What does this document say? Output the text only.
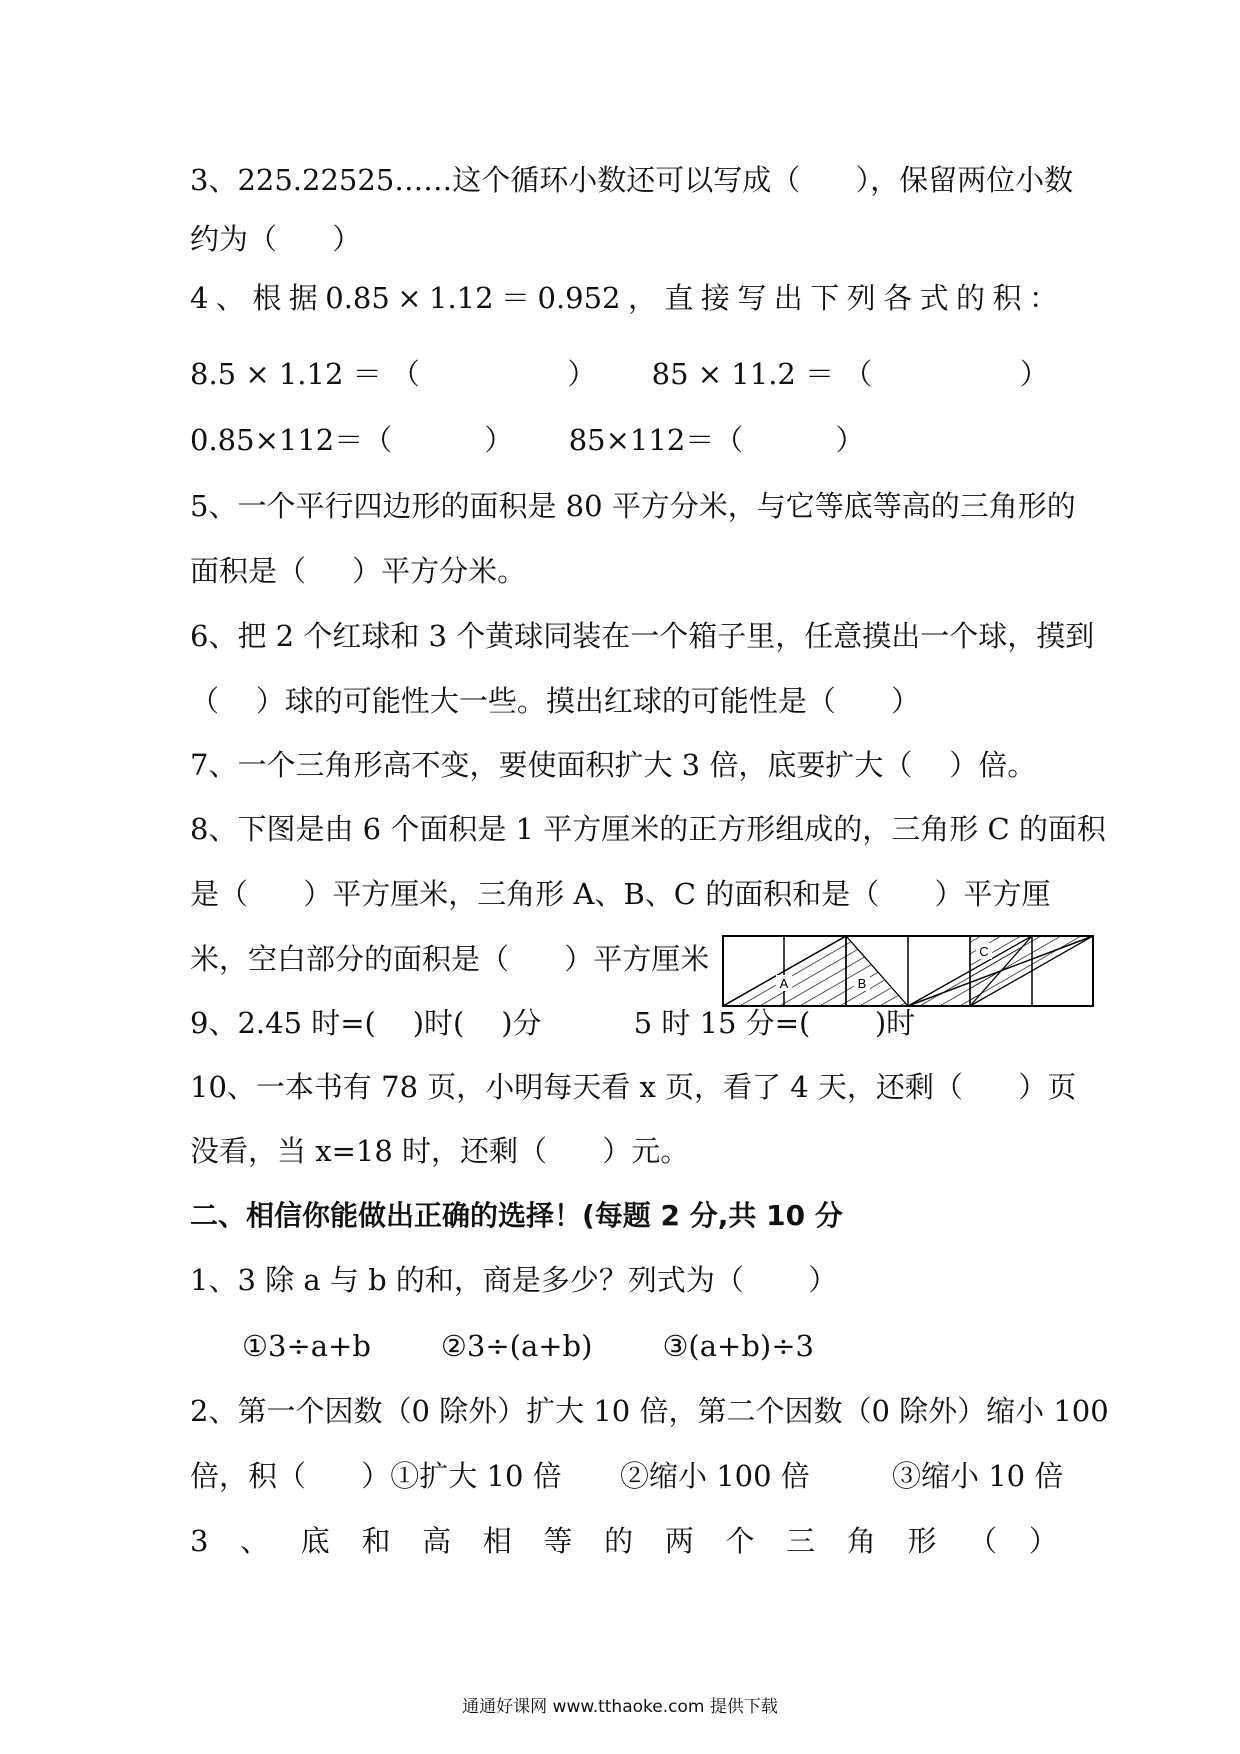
3、225.22525……这个循环小数还可以写成（      ），保留两位小数
约为（      ）
4 、 根 据 0.85 × 1.12 ＝ 0.952 ， 直 接 写 出 下 列 各 式 的 积 ：
8.5 × 1.12 ＝ （                ）      85 × 11.2 ＝ （                ）
0.85×112＝（          ）      85×112＝（          ）
5、一个平行四边形的面积是 80 平方分米，与它等底等高的三角形的
面积是（     ）平方分米。
6、把 2 个红球和 3 个黄球同装在一个箱子里，任意摸出一个球，摸到
（    ）球的可能性大一些。摸出红球的可能性是（      ）
7、一个三角形高不变，要使面积扩大 3 倍，底要扩大（    ）倍。
8、下图是由 6 个面积是 1 平方厘米的正方形组成的，三角形 C 的面积
是（      ）平方厘米，三角形 A、B、C 的面积和是（      ）平方厘
米，空白部分的面积是（      ）平方厘米
A	B
C
9、2.45 时=(    )时(    )分          5 时 15 分=(       )时
10、一本书有 78 页，小明每天看 x 页，看了 4 天，还剩（      ）页
没看，当 x=18 时，还剩（      ）元。
二、相信你能做出正确的选择！(每题 2 分,共 10 分
1、3 除 a 与 b 的和，商是多少？列式为（       ）
①3÷a+b ②3÷(a+b) ③(a+b)÷3
2、第一个因数（0 除外）扩大 10 倍，第二个因数（0 除外）缩小 100
倍，积（      ）①扩大 10 倍 ②缩小 100 倍	③缩小 10 倍
3 、 底 和 高 相 等 的 两 个 三 角 形 （ ）
通通好课网 www.tthaoke.com 提供下载
